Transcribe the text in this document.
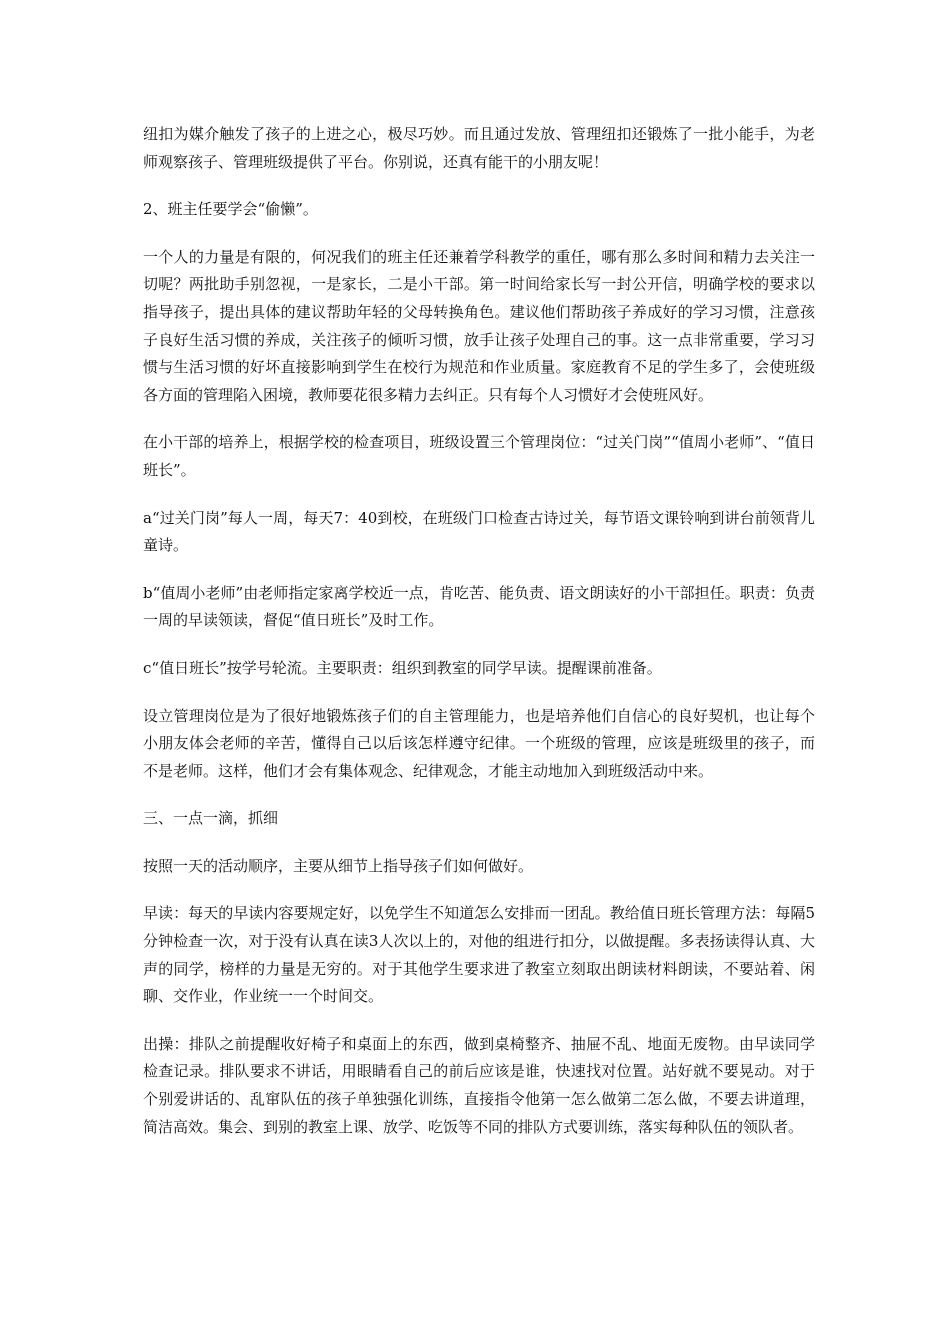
纽扣为媒介触发了孩子的上进之心，极尽巧妙。而且通过发放、管理纽扣还锻炼了一批小能手，为老师观察孩子、管理班级提供了平台。你别说，还真有能干的小朋友呢！

2、班主任要学会“偷懒”。

一个人的力量是有限的，何况我们的班主任还兼着学科教学的重任，哪有那么多时间和精力去关注一切呢？两批助手别忽视，一是家长，二是小干部。第一时间给家长写一封公开信，明确学校的要求以指导孩子，提出具体的建议帮助年轻的父母转换角色。建议他们帮助孩子养成好的学习习惯，注意孩子良好生活习惯的养成，关注孩子的倾听习惯，放手让孩子处理自己的事。这一点非常重要，学习习惯与生活习惯的好坏直接影响到学生在校行为规范和作业质量。家庭教育不足的学生多了，会使班级各方面的管理陷入困境，教师要花很多精力去纠正。只有每个人习惯好才会使班风好。

在小干部的培养上，根据学校的检查项目，班级设置三个管理岗位：“过关门岗”“值周小老师”、“值日班长”。

a“过关门岗”每人一周，每天7：40到校，在班级门口检查古诗过关，每节语文课铃响到讲台前领背儿童诗。

b“值周小老师”由老师指定家离学校近一点，肯吃苦、能负责、语文朗读好的小干部担任。职责：负责一周的早读领读，督促“值日班长”及时工作。

c“值日班长”按学号轮流。主要职责：组织到教室的同学早读。提醒课前准备。

设立管理岗位是为了很好地锻炼孩子们的自主管理能力，也是培养他们自信心的良好契机，也让每个小朋友体会老师的辛苦，懂得自己以后该怎样遵守纪律。一个班级的管理，应该是班级里的孩子，而不是老师。这样，他们才会有集体观念、纪律观念，才能主动地加入到班级活动中来。

三、一点一滴，抓细

按照一天的活动顺序，主要从细节上指导孩子们如何做好。

早读：每天的早读内容要规定好，以免学生不知道怎么安排而一团乱。教给值日班长管理方法：每隔5分钟检查一次，对于没有认真在读3人次以上的，对他的组进行扣分，以做提醒。多表扬读得认真、大声的同学，榜样的力量是无穷的。对于其他学生要求进了教室立刻取出朗读材料朗读，不要站着、闲聊、交作业，作业统一一个时间交。

出操：排队之前提醒收好椅子和桌面上的东西，做到桌椅整齐、抽屉不乱、地面无废物。由早读同学检查记录。排队要求不讲话，用眼睛看自己的前后应该是谁，快速找对位置。站好就不要晃动。对于个别爱讲话的、乱窜队伍的孩子单独强化训练，直接指令他第一怎么做第二怎么做，不要去讲道理，简洁高效。集会、到别的教室上课、放学、吃饭等不同的排队方式要训练，落实每种队伍的领队者。
